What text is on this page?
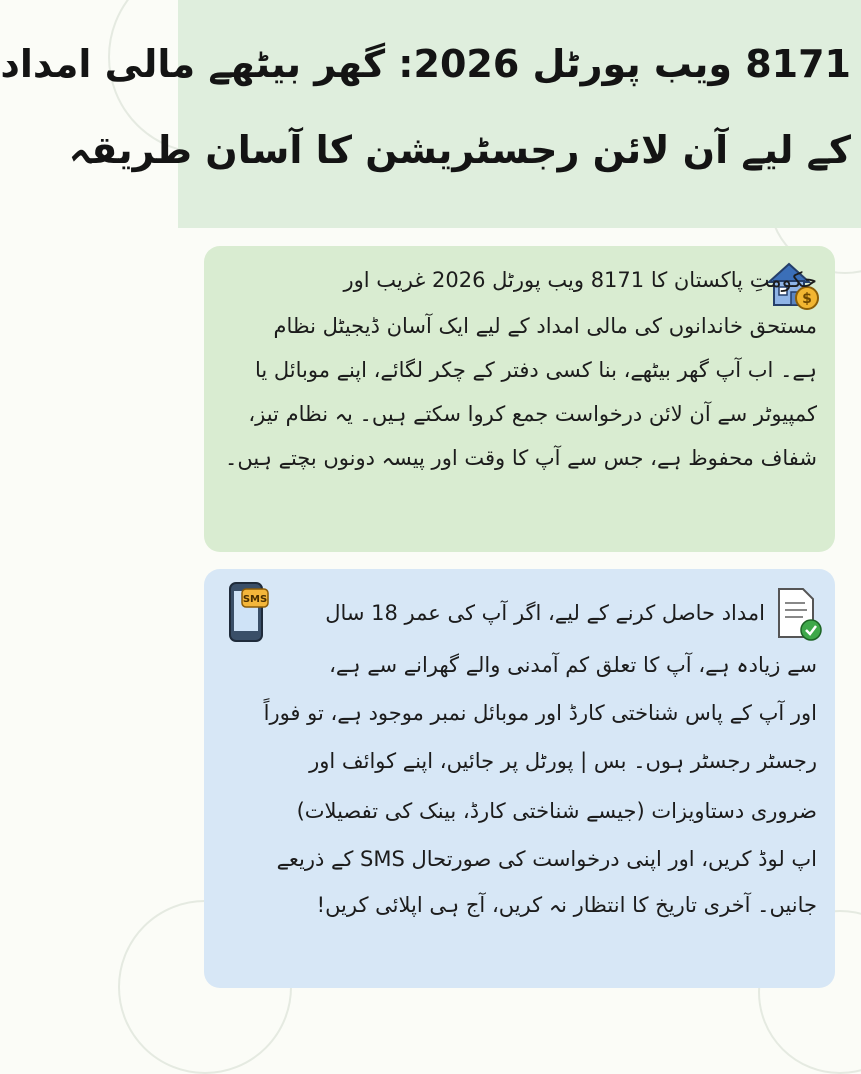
8171 ویب پورٹل 2026: گھر بیٹھے مالی امداد
کے لیے آن لائن رجسٹریشن کا آسان طریقہ
$
حکومتِ پاکستان کا 8171 ویب پورٹل 2026 غریب اور
مستحق خاندانوں کی مالی امداد کے لیے ایک آسان ڈیجیٹل نظام
ہے۔ اب آپ گھر بیٹھے، بنا کسی دفتر کے چکر لگائے، اپنے موبائل یا
کمپیوٹر سے آن لائن درخواست جمع کروا سکتے ہیں۔ یہ نظام تیز،
شفاف محفوظ ہے، جس سے آپ کا وقت اور پیسہ دونوں بچتے ہیں۔
SMS
امداد حاصل کرنے کے لیے، اگر آپ کی عمر 18 سال
سے زیادہ ہے، آپ کا تعلق کم آمدنی والے گھرانے سے ہے،
اور آپ کے پاس شناختی کارڈ اور موبائل نمبر موجود ہے، تو فوراً
رجسٹر رجسٹر ہوں۔ بس | پورٹل پر جائیں، اپنے کوائف اور
ضروری دستاویزات (جیسے شناختی کارڈ، بینک کی تفصیلات)
اپ لوڈ کریں، اور اپنی درخواست کی صورتحال SMS کے ذریعے
جانیں۔ آخری تاریخ کا انتظار نہ کریں، آج ہی اپلائی کریں!
